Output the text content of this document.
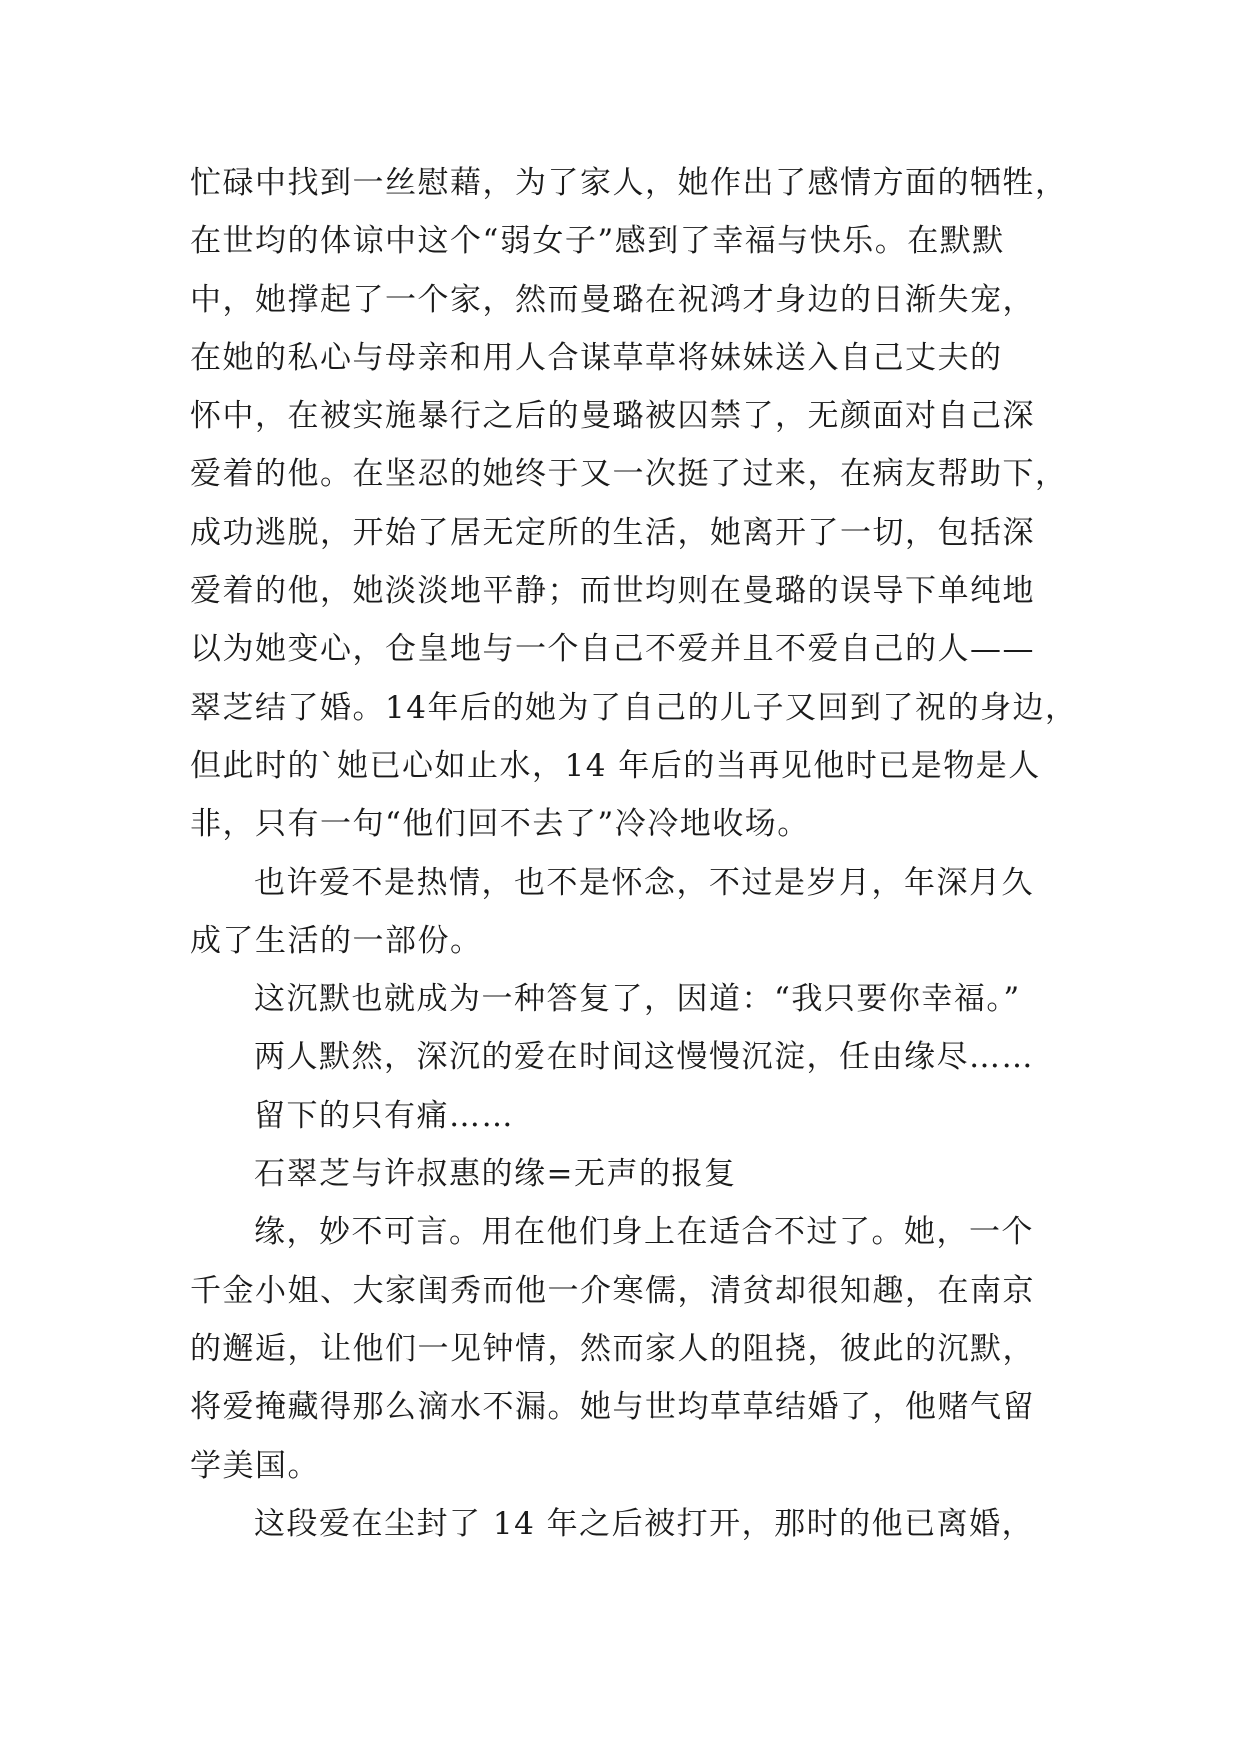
忙碌中找到一丝慰藉，为了家人，她作出了感情方面的牺牲，
在世均的体谅中这个“弱女子”感到了幸福与快乐。在默默
中，她撑起了一个家，然而曼璐在祝鸿才身边的日渐失宠，
在她的私心与母亲和用人合谋草草将妹妹送入自己丈夫的
怀中，在被实施暴行之后的曼璐被囚禁了，无颜面对自己深
爱着的他。在坚忍的她终于又一次挺了过来，在病友帮助下，
成功逃脱，开始了居无定所的生活，她离开了一切，包括深
爱着的他，她淡淡地平静；而世均则在曼璐的误导下单纯地
以为她变心，仓皇地与一个自己不爱并且不爱自己的人——
翠芝结了婚。14年后的她为了自己的儿子又回到了祝的身边，
但此时的`她已心如止水，14 年后的当再见他时已是物是人
非，只有一句“他们回不去了”冷冷地收场。
也许爱不是热情，也不是怀念，不过是岁月，年深月久
成了生活的一部份。
这沉默也就成为一种答复了，因道：“我只要你幸福。”
两人默然，深沉的爱在时间这慢慢沉淀，任由缘尽……
留下的只有痛……
石翠芝与许叔惠的缘=无声的报复
缘，妙不可言。用在他们身上在适合不过了。她，一个
千金小姐、大家闺秀而他一介寒儒，清贫却很知趣，在南京
的邂逅，让他们一见钟情，然而家人的阻挠，彼此的沉默，
将爱掩藏得那么滴水不漏。她与世均草草结婚了，他赌气留
学美国。
这段爱在尘封了 14 年之后被打开，那时的他已离婚，
